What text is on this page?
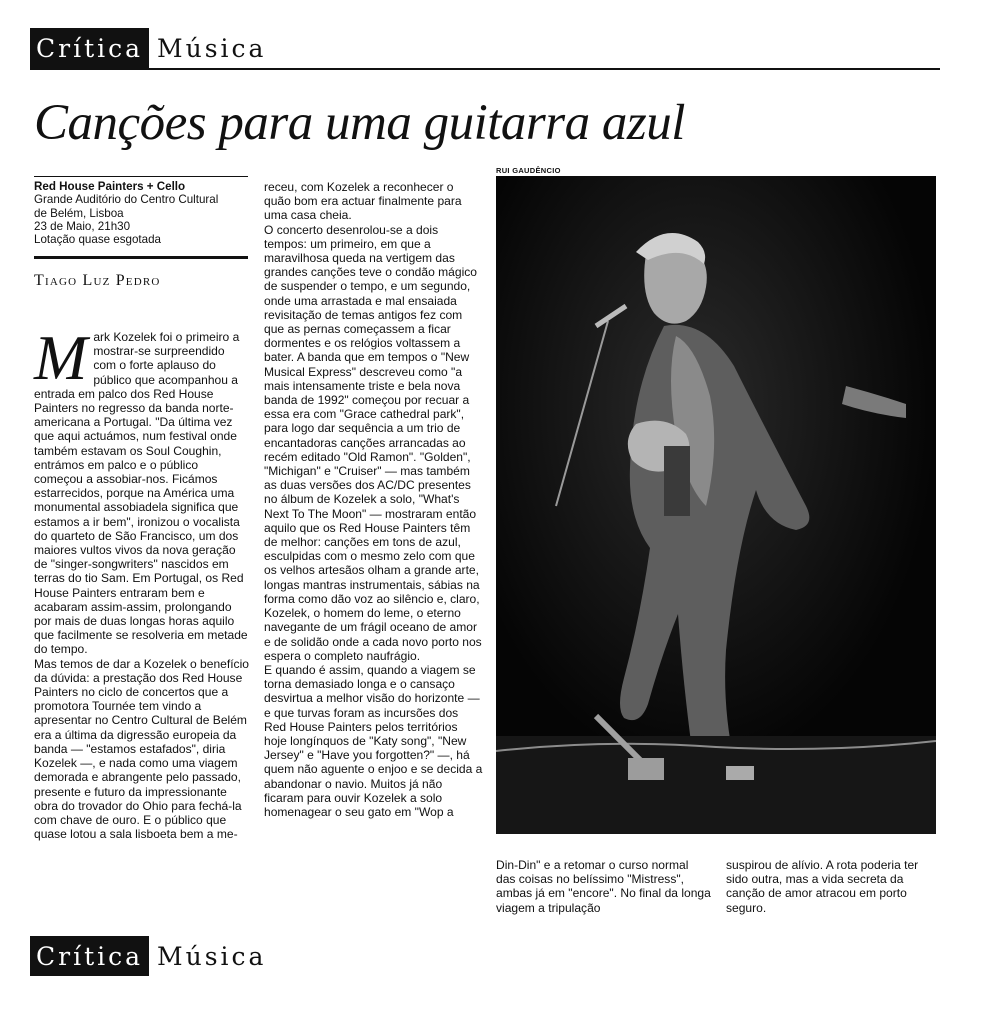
Crítica Música
Canções para uma guitarra azul
Red House Painters + Cello
Grande Auditório do Centro Cultural
de Belém, Lisboa
23 de Maio, 21h30
Lotação quase esgotada
Tiago Luz Pedro

Mark Kozelek foi o primeiro a mostrar-se surpreendido com o forte aplauso do público que acompanhou a entrada em palco dos Red House Painters no regresso da banda norte-americana a Portugal. "Da última vez que aqui actuámos, num festival onde também estavam os Soul Coughin, entrámos em palco e o público começou a assobiar-nos. Ficámos estarrecidos, porque na América uma monumental assobiadela significa que estamos a ir bem", ironizou o vocalista do quarteto de São Francisco, um dos maiores vultos vivos da nova geração de "singer-songwriters" nascidos em terras do tio Sam. Em Portugal, os Red House Painters entraram bem e acabaram assim-assim, prolongando por mais de duas longas horas aquilo que facilmente se resolveria em metade do tempo.

Mas temos de dar a Kozelek o benefício da dúvida: a prestação dos Red House Painters no ciclo de concertos que a promotora Tournée tem vindo a apresentar no Centro Cultural de Belém era a última da digressão europeia da banda — "estamos estafados", diria Kozelek —, e nada como uma viagem demorada e abrangente pelo passado, presente e futuro da impressionante obra do trovador do Ohio para fechá-la com chave de ouro. E o público que quase lotou a sala lisboeta bem a me-

receu, com Kozelek a reconhecer o quão bom era actuar finalmente para uma casa cheia.

O concerto desenrolou-se a dois tempos: um primeiro, em que a maravilhosa queda na vertigem das grandes canções teve o condão mágico de suspender o tempo, e um segundo, onde uma arrastada e mal ensaiada revisitação de temas antigos fez com que as pernas começassem a ficar dormentes e os relógios voltassem a bater. A banda que em tempos o "New Musical Express" descreveu como "a mais intensamente triste e bela nova banda de 1992" começou por recuar a essa era com "Grace cathedral park", para logo dar sequência a um trio de encantadoras canções arrancadas ao recém editado "Old Ramon". "Golden", "Michigan" e "Cruiser" — mas também as duas versões dos AC/DC presentes no álbum de Kozelek a solo, "What's Next To The Moon" — mostraram então aquilo que os Red House Painters têm de melhor: canções em tons de azul, esculpidas com o mesmo zelo com que os velhos artesãos olham a grande arte, longas mantras instrumentais, sábias na forma como dão voz ao silêncio e, claro, Kozelek, o homem do leme, o eterno navegante de um frágil oceano de amor e de solidão onde a cada novo porto nos espera o completo naufrágio.

E quando é assim, quando a viagem se torna demasiado longa e o cansaço desvirtua a melhor visão do horizonte — e que turvas foram as incursões dos Red House Painters pelos territórios hoje longínquos de "Katy song", "New Jersey" e "Have you forgotten?" —, há quem não aguente o enjoo e se decida a abandonar o navio. Muitos já não ficaram para ouvir Kozelek a solo homenagear o seu gato em "Wop a

RUI GAUDÊNCIO

Din-Din" e a retomar o curso normal das coisas no belíssimo "Mistress", ambas já em "encore". No final da longa viagem a tripulação

suspirou de alívio. A rota poderia ter sido outra, mas a vida secreta da canção de amor atracou em porto seguro.

Crítica Música
